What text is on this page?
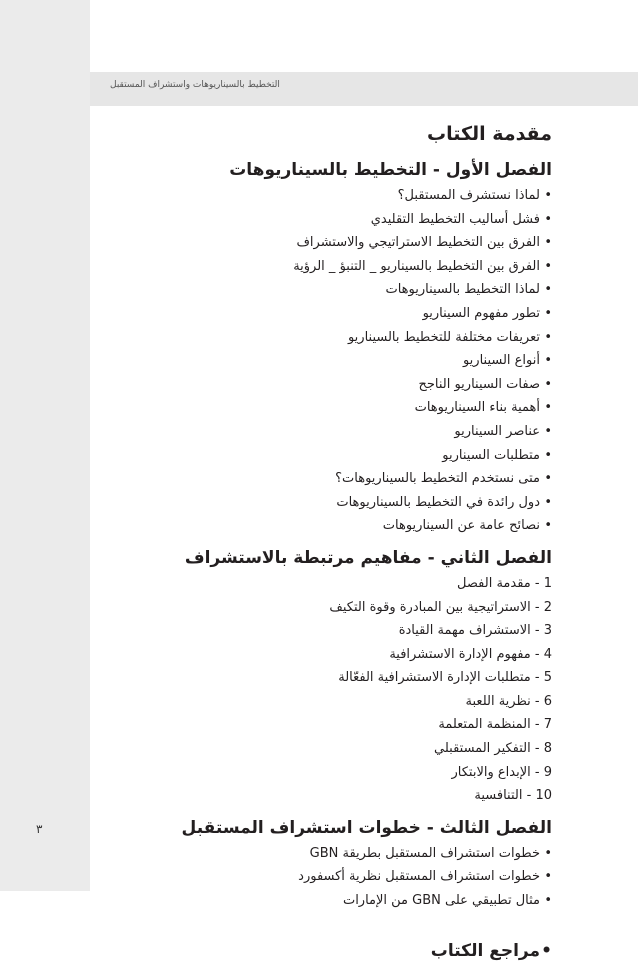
التخطيط بالسيناريوهات واستشراف المستقبل
مقدمة الكتاب
الفصل الأول - التخطيط بالسيناريوهات
•لماذا نستشرف المستقبل؟
•فشل أساليب التخطيط التقليدي
•الفرق بين التخطيط الاستراتيجي والاستشراف
•الفرق بين التخطيط بالسيناريو _ التنبؤ _ الرؤية
•لماذا التخطيط بالسيناريوهات
•تطور مفهوم السيناريو
•تعريفات مختلفة للتخطيط بالسيناريو
•أنواع السيناريو
•صفات السيناريو الناجح
•أهمية بناء السيناريوهات
•عناصر السيناريو
•متطلبات السيناريو
•متى نستخدم التخطيط بالسيناريوهات؟
•دول رائدة في التخطيط بالسيناريوهات
•نصائح عامة عن السيناريوهات
الفصل الثاني - مفاهيم مرتبطة بالاستشراف
1 - مقدمة الفصل
2 - الاستراتيجية بين المبادرة وقوة التكيف
3 - الاستشراف مهمة القيادة
4 - مفهوم الإدارة الاستشرافية
5 - متطلبات الإدارة الاستشرافية الفعّالة
6 - نظرية اللعبة
7 - المنظمة المتعلمة
8 - التفكير المستقبلي
9 - الإبداع والابتكار
10 - التنافسية
الفصل الثالث - خطوات استشراف المستقبل
•خطوات استشراف المستقبل بطريقة GBN
•خطوات استشراف المستقبل نظرية أكسفورد
•مثال تطبيقي على GBN من الإمارات
•مراجع الكتاب
٣
